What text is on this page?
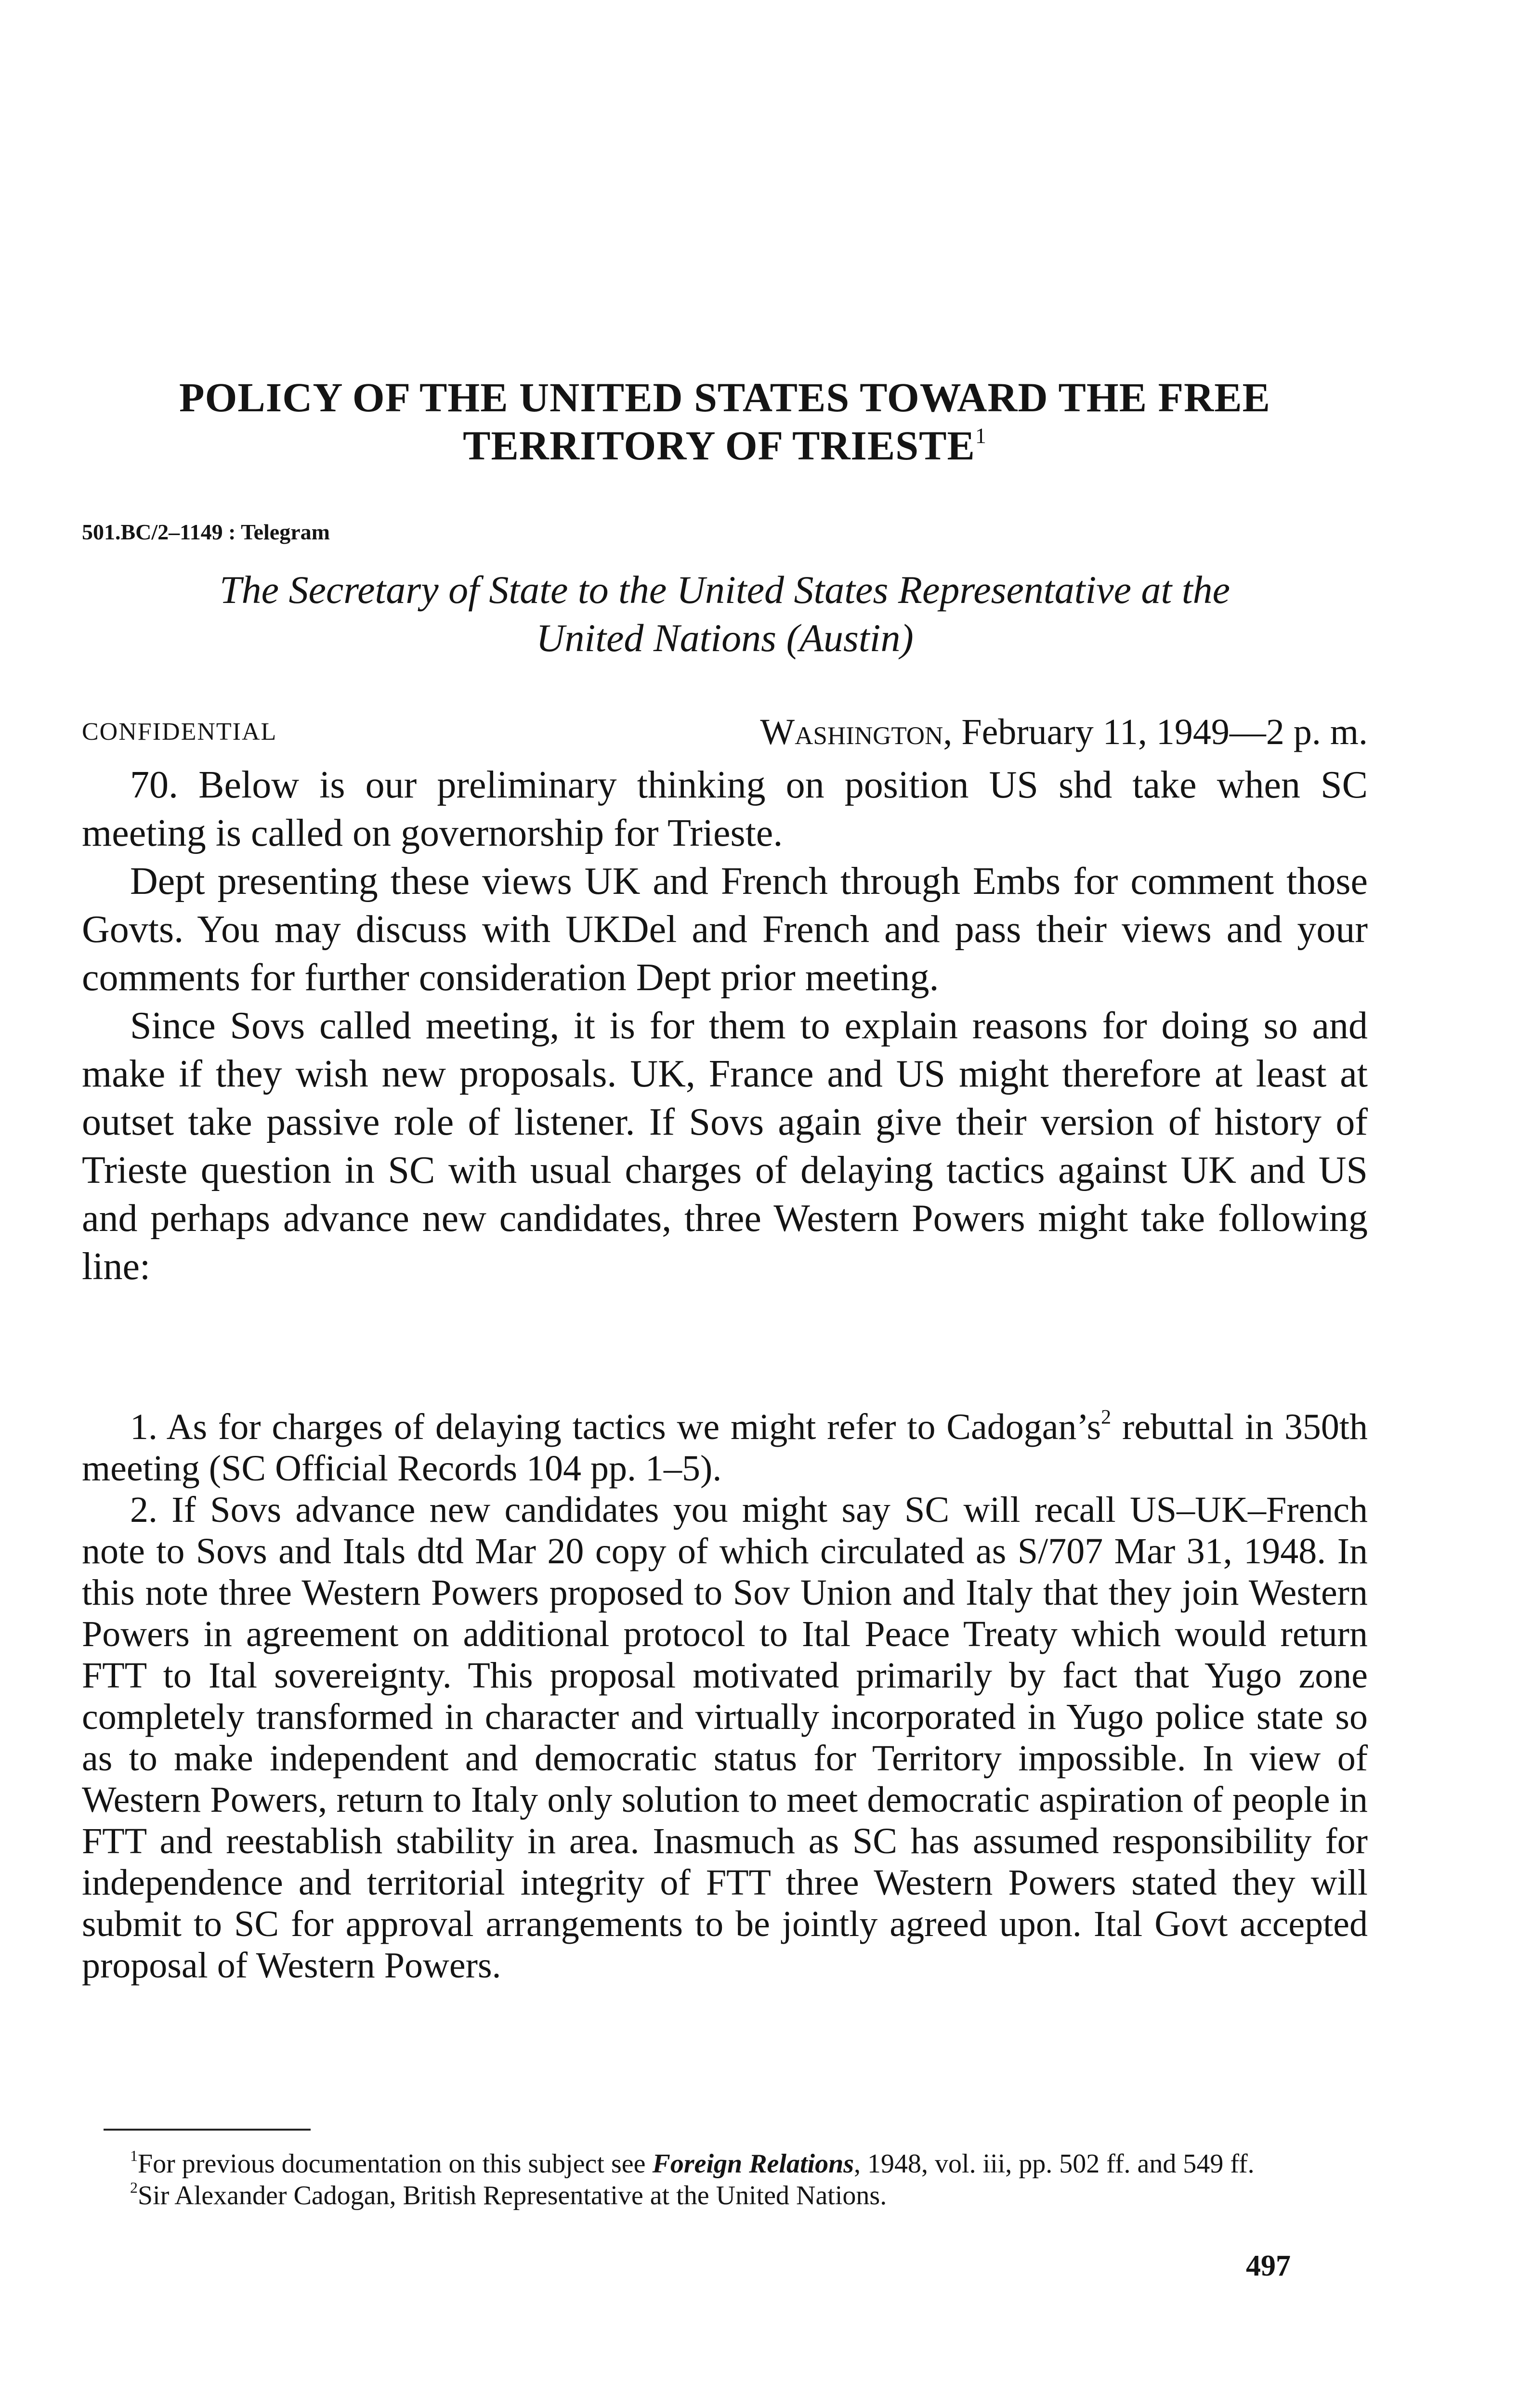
POLICY OF THE UNITED STATES TOWARD THE FREE
TERRITORY OF TRIESTE$^1$

501.BC/2–1149 : Telegram

The Secretary of State to the United States Representative at the
United Nations (Austin)

CONFIDENTIAL	Washington, February 11, 1949—2 p. m.

70. Below is our preliminary thinking on position US shd take when SC meeting is called on governorship for Trieste.

Dept presenting these views UK and French through Embs for comment those Govts. You may discuss with UKDel and French and pass their views and your comments for further consideration Dept prior meeting.

Since Sovs called meeting, it is for them to explain reasons for doing so and make if they wish new proposals. UK, France and US might therefore at least at outset take passive role of listener. If Sovs again give their version of history of Trieste question in SC with usual charges of delaying tactics against UK and US and perhaps advance new candidates, three Western Powers might take following line:

1. As for charges of delaying tactics we might refer to $Cadogan’s^2$ rebuttal in 350th meeting (SC Official Records 104 pp. 1–5).

2. If Sovs advance new candidates you might say SC will recall US–UK–French note to Sovs and Itals dtd Mar 20 copy of which circulated as S/707 Mar 31, 1948. In this note three Western Powers proposed to Sov Union and Italy that they join Western Powers in agreement on additional protocol to Ital Peace Treaty which would return FTT to Ital sovereignty. This proposal motivated primarily by fact that Yugo zone completely transformed in character and virtually incorporated in Yugo police state so as to make independent and democratic status for Territory impossible. In view of Western Powers, return to Italy only solution to meet democratic aspiration of people in FTT and reestablish stability in area. Inasmuch as SC has assumed responsibility for independence and territorial integrity of FTT three Western Powers stated they will submit to SC for approval arrangements to be jointly agreed upon. Ital Govt accepted proposal of Western Powers.

$^1$For previous documentation on this subject see Foreign Relations, 1948, vol. iii, pp. 502 ff. and 549 ff.

$^2$Sir Alexander Cadogan, British Representative at the United Nations.

497
